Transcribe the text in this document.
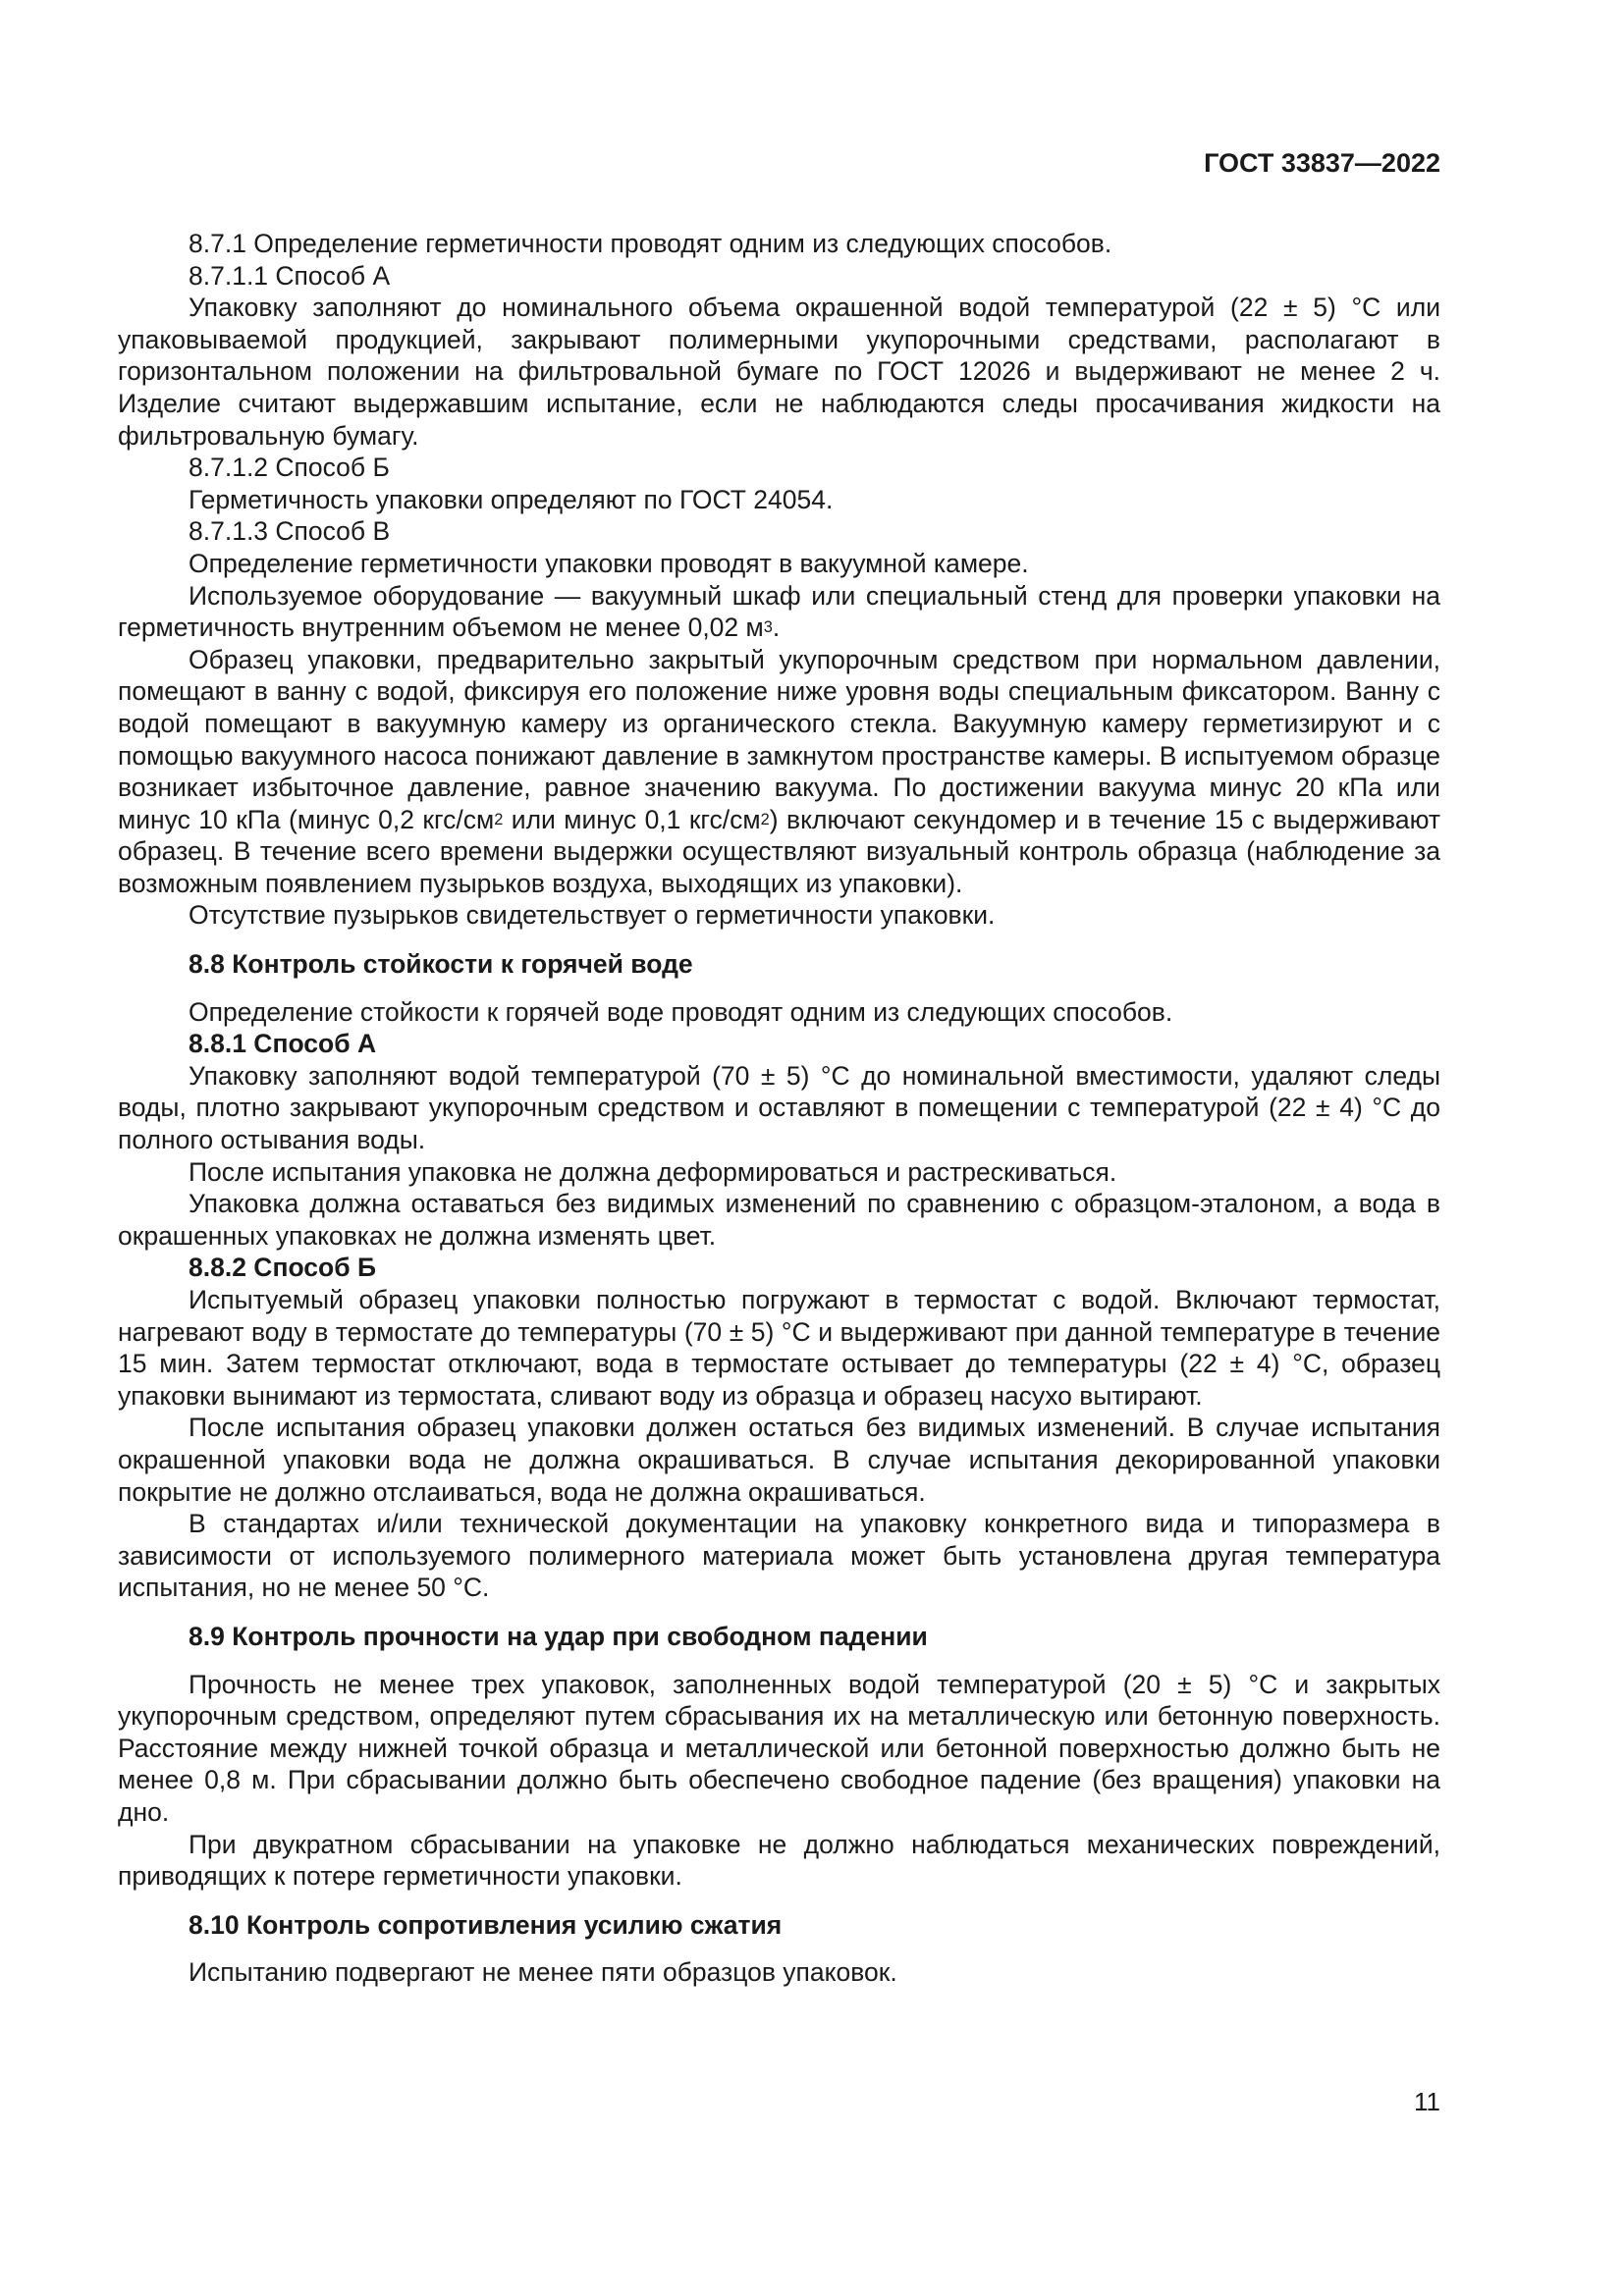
ГОСТ 33837—2022

8.7.1 Определение герметичности проводят одним из следующих способов.

8.7.1.1 Способ А

Упаковку заполняют до номинального объема окрашенной водой температурой (22 ± 5) °С или упаковываемой продукцией, закрывают полимерными укупорочными средствами, располагают в горизонтальном положении на фильтровальной бумаге по ГОСТ 12026 и выдерживают не менее 2 ч. Изделие считают выдержавшим испытание, если не наблюдаются следы просачивания жидкости на фильтровальную бумагу.

8.7.1.2 Способ Б

Герметичность упаковки определяют по ГОСТ 24054.

8.7.1.3 Способ В

Определение герметичности упаковки проводят в вакуумной камере.

Используемое оборудование — вакуумный шкаф или специальный стенд для проверки упаковки на герметичность внутренним объемом не менее 0,02 $м^3$.

Образец упаковки, предварительно закрытый укупорочным средством при нормальном давлении, помещают в ванну с водой, фиксируя его положение ниже уровня воды специальным фиксатором. Ванну с водой помещают в вакуумную камеру из органического стекла. Вакуумную камеру герметизируют и с помощью вакуумного насоса понижают давление в замкнутом пространстве камеры. В испытуемом образце возникает избыточное давление, равное значению вакуума. По достижении вакуума минус 20 кПа или минус 10 кПа (минус 0,2 кгс/$см^2$ или минус 0,1 кгс/$см^2$) включают секундомер и в течение 15 с выдерживают образец. В течение всего времени выдержки осуществляют визуальный контроль образца (наблюдение за возможным появлением пузырьков воздуха, выходящих из упаковки).

Отсутствие пузырьков свидетельствует о герметичности упаковки.

8.8 Контроль стойкости к горячей воде

Определение стойкости к горячей воде проводят одним из следующих способов.

8.8.1 Способ А

Упаковку заполняют водой температурой (70 ± 5) °С до номинальной вместимости, удаляют следы воды, плотно закрывают укупорочным средством и оставляют в помещении с температурой (22 ± 4) °С до полного остывания воды.

После испытания упаковка не должна деформироваться и растрескиваться.

Упаковка должна оставаться без видимых изменений по сравнению с образцом-эталоном, а вода в окрашенных упаковках не должна изменять цвет.

8.8.2 Способ Б

Испытуемый образец упаковки полностью погружают в термостат с водой. Включают термостат, нагревают воду в термостате до температуры (70 ± 5) °С и выдерживают при данной температуре в течение 15 мин. Затем термостат отключают, вода в термостате остывает до температуры (22 ± 4) °С, образец упаковки вынимают из термостата, сливают воду из образца и образец насухо вытирают.

После испытания образец упаковки должен остаться без видимых изменений. В случае испытания окрашенной упаковки вода не должна окрашиваться. В случае испытания декорированной упаковки покрытие не должно отслаиваться, вода не должна окрашиваться.

В стандартах и/или технической документации на упаковку конкретного вида и типоразмера в зависимости от используемого полимерного материала может быть установлена другая температура испытания, но не менее 50 °С.

8.9 Контроль прочности на удар при свободном падении

Прочность не менее трех упаковок, заполненных водой температурой (20 ± 5) °С и закрытых укупорочным средством, определяют путем сбрасывания их на металлическую или бетонную поверхность. Расстояние между нижней точкой образца и металлической или бетонной поверхностью должно быть не менее 0,8 м. При сбрасывании должно быть обеспечено свободное падение (без вращения) упаковки на дно.

При двукратном сбрасывании на упаковке не должно наблюдаться механических повреждений, приводящих к потере герметичности упаковки.

8.10 Контроль сопротивления усилию сжатия

Испытанию подвергают не менее пяти образцов упаковок.

11
